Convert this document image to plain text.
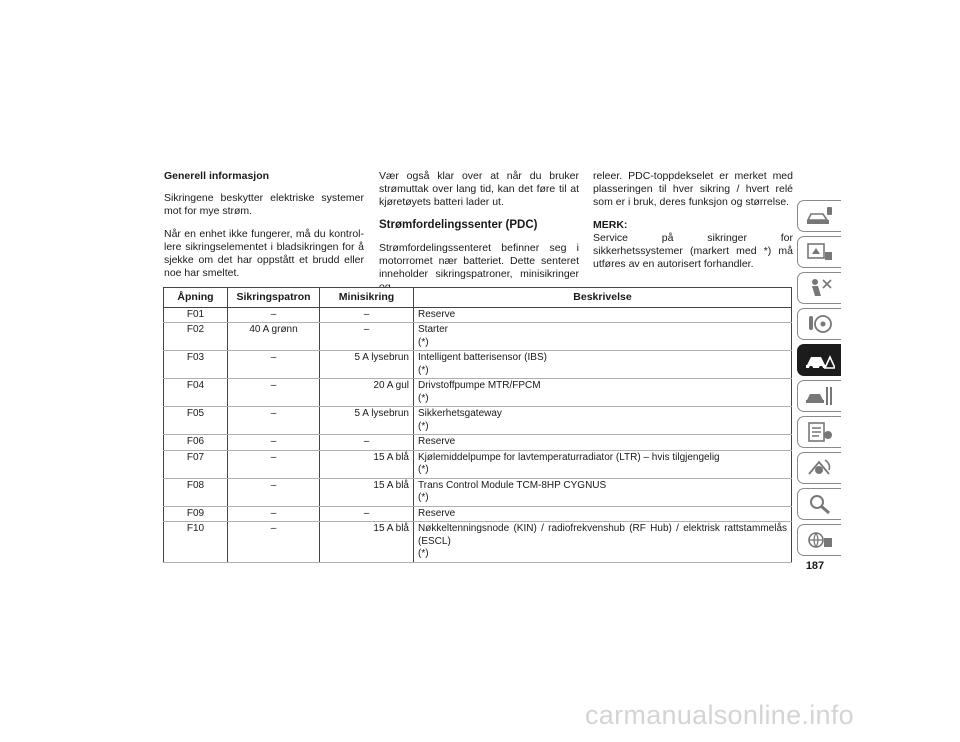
Generell informasjon

Sikringene beskytter elektriske systemer mot for mye strøm.

Når en enhet ikke fungerer, må du kontrol-lere sikringselementet i bladsikringen for å sjekke om det har oppstått et brudd eller noe har smeltet.

Vær også klar over at når du bruker strømuttak over lang tid, kan det føre til at kjøretøyets batteri lader ut.

Strømfordelingssenter (PDC)

Strømfordelingssenteret befinner seg i motorromet nær batteriet. Dette senteret inneholder sikringspatroner, minisikringer

releer. PDC-toppdekselet er merket med plasseringen til hver sikring / hvert relé som er i bruk, deres funksjon og størrelse.

MERK:
Service på sikringer for sikkerhetssystemer (markert med *) må utføres av en autorisert forhandler.

Åpning	Sikringspatron	Minisikring	Beskrivelse
F01	–	–	Reserve

F02	40 A grønn	–	Starter
(*)

F03	–	5 A lysebrun	Intelligent batterisensor (IBS)
(*)

F04	–	20 A gul	Drivstoffpumpe MTR/FPCM
(*)

F05	–	5 A lysebrun	Sikkerhetsgateway
(*)

F06	–	–	Reserve

F07	–	15 A blå	Kjølemiddelpumpe for lavtemperaturradiator (LTR) – hvis tilgjengelig
(*)

F08	–	15 A blå	Trans Control Module TCM-8HP CYGNUS
(*)

F09	–	–	Reserve

F10	–	15 A blå	Nøkkeltenningsnode (KIN) / radiofrekvenshub (RF Hub) / elektrisk rattstammelås (ESCL)
(*)
187
carmanualsonline.info
